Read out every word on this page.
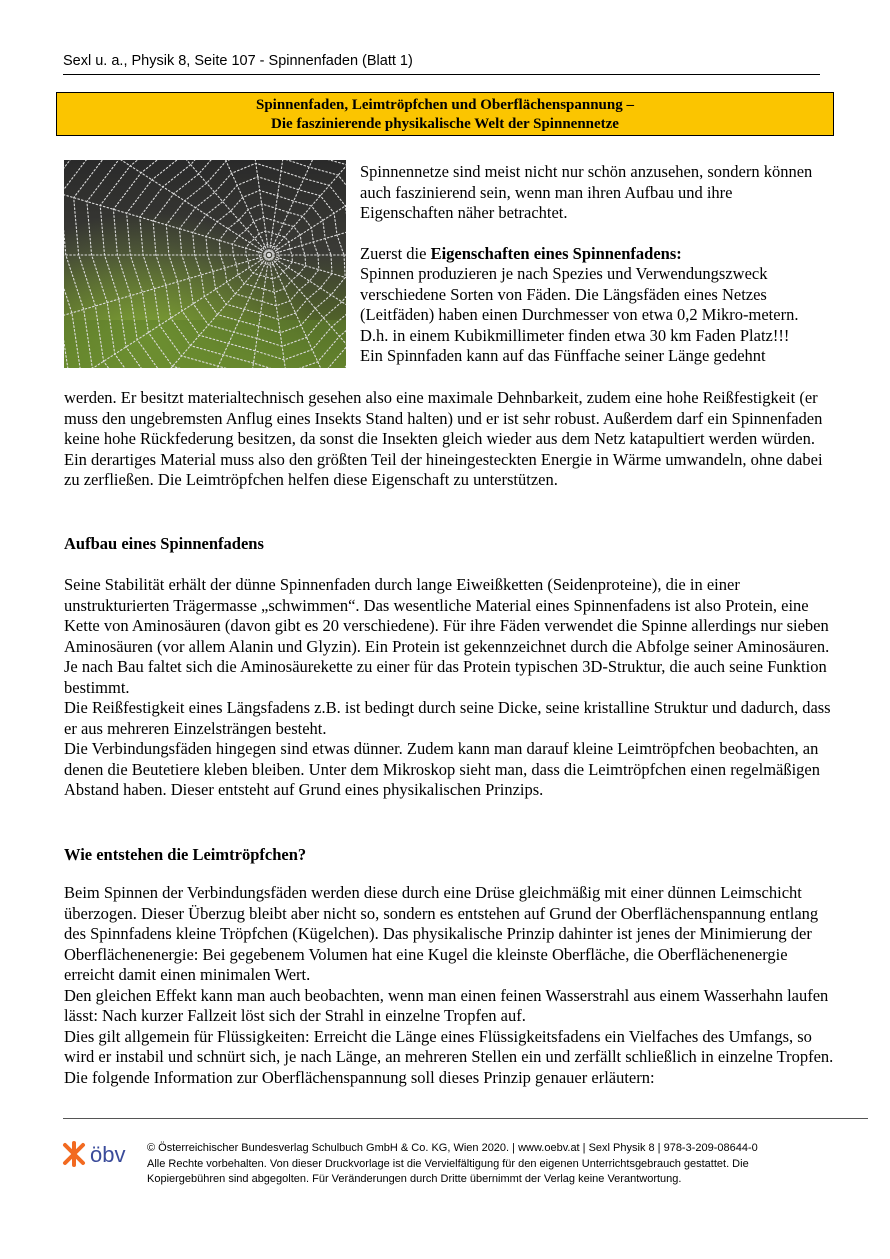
Sexl u. a., Physik 8, Seite 107 - Spinnenfaden (Blatt 1)
Spinnenfaden, Leimtröpfchen und Oberflächenspannung –
Die faszinierende physikalische Welt der Spinnennetze

Spinnennetze sind meist nicht nur schön anzusehen, sondern können auch faszinierend sein, wenn man ihren Aufbau und ihre Eigenschaften näher betrachtet.

Zuerst die Eigenschaften eines Spinnenfadens:

Spinnen produzieren je nach Spezies und Verwendungszweck verschiedene Sorten von Fäden. Die Längsfäden eines Netzes (Leitfäden) haben einen Durchmesser von etwa 0,2 Mikro-metern. D.h. in einem Kubikmillimeter finden etwa 30 km Faden Platz!!!

Ein Spinnfaden kann auf das Fünffache seiner Länge gedehnt

werden. Er besitzt materialtechnisch gesehen also eine maximale Dehnbarkeit, zudem eine hohe Reißfestigkeit (er muss den ungebremsten Anflug eines Insekts Stand halten) und er ist sehr robust. Außerdem darf ein Spinnenfaden keine hohe Rückfederung besitzen, da sonst die Insekten gleich wieder aus dem Netz katapultiert werden würden. Ein derartiges Material muss also den größten Teil der hineingesteckten Energie in Wärme umwandeln, ohne dabei zu zerfließen. Die Leimtröpfchen helfen diese Eigenschaft zu unterstützen.

Aufbau eines Spinnenfadens

Seine Stabilität erhält der dünne Spinnenfaden durch lange Eiweißketten (Seidenproteine), die in einer unstrukturierten Trägermasse „schwimmen“. Das wesentliche Material eines Spinnenfadens ist also Protein, eine Kette von Aminosäuren (davon gibt es 20 verschiedene). Für ihre Fäden verwendet die Spinne allerdings nur sieben Aminosäuren (vor allem Alanin und Glyzin). Ein Protein ist gekennzeichnet durch die Abfolge seiner Aminosäuren. Je nach Bau faltet sich die Aminosäurekette zu einer für das Protein typischen 3D-Struktur, die auch seine Funktion bestimmt.

Die Reißfestigkeit eines Längsfadens z.B. ist bedingt durch seine Dicke, seine kristalline Struktur und dadurch, dass er aus mehreren Einzelsträngen besteht.

Die Verbindungsfäden hingegen sind etwas dünner. Zudem kann man darauf kleine Leimtröpfchen beobachten, an denen die Beutetiere kleben bleiben. Unter dem Mikroskop sieht man, dass die Leimtröpfchen einen regelmäßigen Abstand haben. Dieser entsteht auf Grund eines physikalischen Prinzips.

Wie entstehen die Leimtröpfchen?

Beim Spinnen der Verbindungsfäden werden diese durch eine Drüse gleichmäßig mit einer dünnen Leimschicht überzogen. Dieser Überzug bleibt aber nicht so, sondern es entstehen auf Grund der Oberflächenspannung entlang des Spinnfadens kleine Tröpfchen (Kügelchen). Das physikalische Prinzip dahinter ist jenes der Minimierung der Oberflächenenergie: Bei gegebenem Volumen hat eine Kugel die kleinste Oberfläche, die Oberflächenenergie erreicht damit einen minimalen Wert.

Den gleichen Effekt kann man auch beobachten, wenn man einen feinen Wasserstrahl aus einem Wasserhahn laufen lässt: Nach kurzer Fallzeit löst sich der Strahl in einzelne Tropfen auf.

Dies gilt allgemein für Flüssigkeiten: Erreicht die Länge eines Flüssigkeitsfadens ein Vielfaches des Umfangs, so wird er instabil und schnürt sich, je nach Länge, an mehreren Stellen ein und zerfällt schließlich in einzelne Tropfen. Die folgende Information zur Oberflächenspannung soll dieses Prinzip genauer erläutern:

öbv © Österreichischer Bundesverlag Schulbuch GmbH & Co. KG, Wien 2020. | www.oebv.at | Sexl Physik 8 | 978-3-209-08644-0

Alle Rechte vorbehalten. Von dieser Druckvorlage ist die Vervielfältigung für den eigenen Unterrichtsgebrauch gestattet. Die Kopiergebühren sind abgegolten. Für Veränderungen durch Dritte übernimmt der Verlag keine Verantwortung.
